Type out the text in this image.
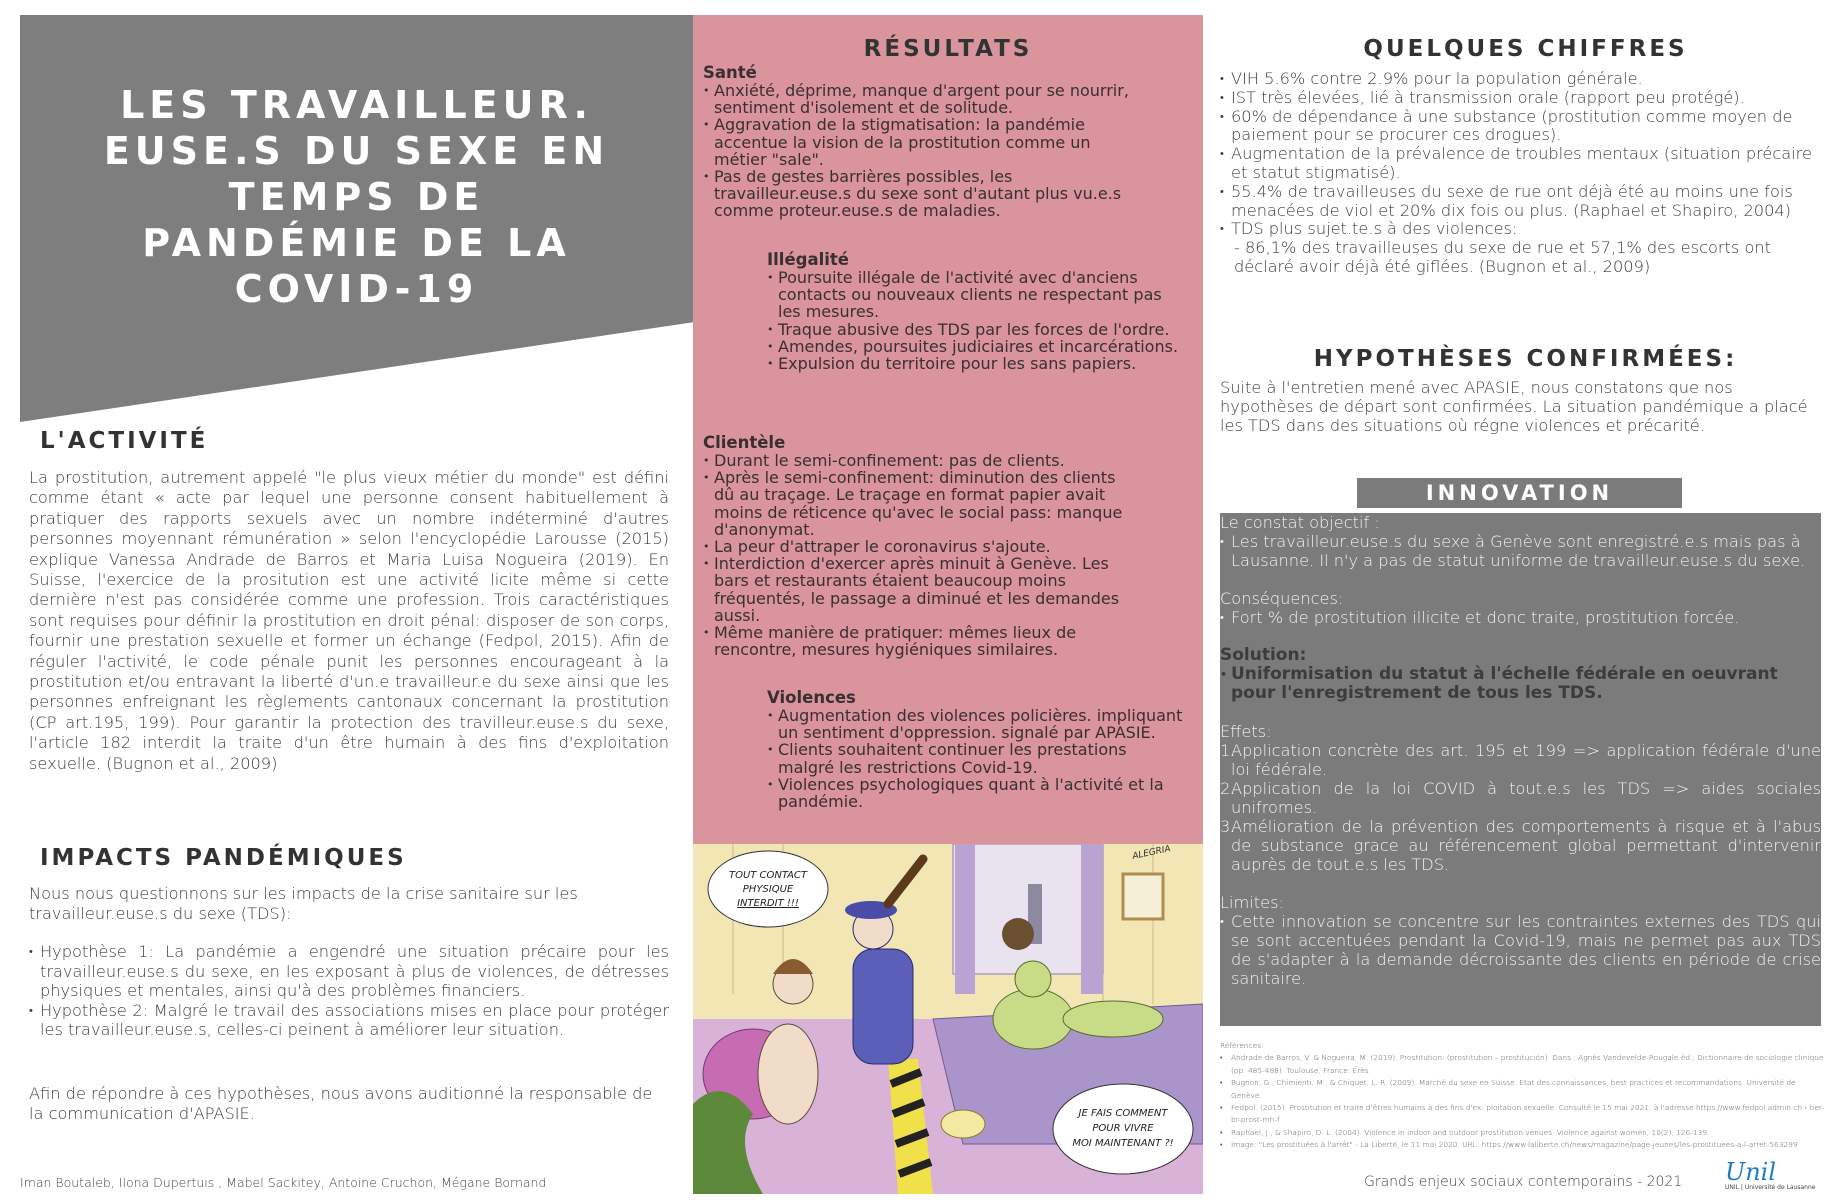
LES TRAVAILLEUR.
EUSE.S DU SEXE EN
TEMPS DE
PANDÉMIE DE LA
COVID-19
L'ACTIVITÉ
La prostitution, autrement appelé "le plus vieux métier du monde" est défini comme étant « acte par lequel une personne consent habituellement à pratiquer des rapports sexuels avec un nombre indéterminé d'autres personnes moyennant rémunération » selon l'encyclopédie Larousse (2015) explique Vanessa Andrade de Barros et Maria Luisa Nogueira (2019). En Suisse, l'exercice de la prositution est une activité licite même si cette dernière n'est pas considérée comme une profession. Trois caractéristiques sont requises pour définir la prostitution en droit pénal: disposer de son corps, fournir une prestation sexuelle et former un échange (Fedpol, 2015). Afin de réguler l'activité, le code pénale punit les personnes encourageant à la prostitution et/ou entravant la liberté d'un.e travailleur.e du sexe ainsi que les personnes enfreignant les règlements cantonaux concernant la prostitution (CP art.195, 199). Pour garantir la protection des travilleur.euse.s du sexe, l'article 182 interdit la traite d'un être humain à des fins d'exploitation sexuelle. (Bugnon et al., 2009)
IMPACTS PANDÉMIQUES
Nous nous questionnons sur les impacts de la crise sanitaire sur les travailleur.euse.s du sexe (TDS):
• Hypothèse 1: La pandémie a engendré une situation précaire pour les travailleur.euse.s du sexe, en les exposant à plus de violences, de détresses physiques et mentales, ainsi qu'à des problèmes financiers.
• Hypothèse 2: Malgré le travail des associations mises en place pour protéger les travailleur.euse.s, celles-ci peinent à améliorer leur situation.
Afin de répondre à ces hypothèses, nous avons auditionné la responsable de la communication d'APASIE.
Iman Boutaleb, Ilona Dupertuis , Mabel Sackitey, Antoine Cruchon, Mégane Bornand
RÉSULTATS
Santé
• Anxiété, déprime, manque d'argent pour se nourrir, sentiment d'isolement et de solitude.
• Aggravation de la stigmatisation: la pandémie accentue la vision de la prostitution comme un métier "sale".
• Pas de gestes barrières possibles, les travailleur.euse.s du sexe sont d'autant plus vu.e.s comme proteur.euse.s de maladies.
Illégalité
• Poursuite illégale de l'activité avec d'anciens contacts ou nouveaux clients ne respectant pas les mesures.
• Traque abusive des TDS par les forces de l'ordre.
• Amendes, poursuites judiciaires et incarcérations.
• Expulsion du territoire pour les sans papiers.
Clientèle
• Durant le semi-confinement: pas de clients.
• Après le semi-confinement: diminution des clients dû au traçage. Le traçage en format papier avait moins de réticence qu'avec le social pass: manque d'anonymat.
• La peur d'attraper le coronavirus s'ajoute.
• Interdiction d'exercer après minuit à Genève. Les bars et restaurants étaient beaucoup moins fréquentés, le passage a diminué et les demandes aussi.
• Même manière de pratiquer: mêmes lieux de rencontre, mesures hygiéniques similaires.
Violences
• Augmentation des violences policières. impliquant un sentiment d'oppression. signalé par APASIE.
• Clients souhaitent continuer les prestations malgré les restrictions Covid-19.
• Violences psychologiques quant à l'activité et la pandémie.
TOUT CONTACT
PHYSIQUE
INTERDIT !!!
JE FAIS COMMENT
POUR VIVRE
MOI MAINTENANT ?!
ALEGRIA
QUELQUES CHIFFRES
• VIH 5.6% contre 2.9% pour la population générale.
• IST très élevées, lié à transmission orale (rapport peu protégé).
• 60% de dépendance à une substance (prostitution comme moyen de paiement pour se procurer ces drogues).
• Augmentation de la prévalence de troubles mentaux (situation précaire et statut stigmatisé).
• 55.4% de travailleuses du sexe de rue ont déjà été au moins une fois menacées de viol et 20% dix fois ou plus. (Raphael et Shapiro, 2004)
• TDS plus sujet.te.s à des violences:
- 86,1% des travailleuses du sexe de rue et 57,1% des escorts ont déclaré avoir déjà été giflées. (Bugnon et al., 2009)
HYPOTHÈSES CONFIRMÉES:
Suite à l'entretien mené avec APASIE, nous constatons que nos hypothèses de départ sont confirmées. La situation pandémique a placé les TDS dans des situations où régne violences et précarité.
INNOVATION
Le constat objectif :
• Les travailleur.euse.s du sexe à Genève sont enregistré.e.s mais pas à Lausanne. Il n'y a pas de statut uniforme de travailleur.euse.s du sexe.
Conséquences:
• Fort % de prostitution illicite et donc traite, prostitution forcée.
Solution:
• Uniformisation du statut à l'échelle fédérale en oeuvrant pour l'enregistrement de tous les TDS.
Effets:
1.
Application concrète des art. 195 et 199 => application fédérale d'une loi fédérale.
2.
Application de la loi COVID à tout.e.s les TDS => aides sociales unifromes.
3.
Amélioration de la prévention des comportements à risque et à l'abus de substance grace au référencement global permettant d'intervenir auprès de tout.e.s les TDS.
Limites:
• Cette innovation se concentre sur les contraintes externes des TDS qui se sont accentuées pendant la Covid-19, mais ne permet pas aux TDS de s'adapter à la demande décroissante des clients en période de crise sanitaire.
Références:
• Andrade de Barros, V. & Nogueira, M. (2019). Prostitution: (prostitution – prostitución). Dans : Agnès Vandevelde-Rougale éd., Dictionnaire de sociologie clinique (pp. 485-488). Toulouse, France: Érès.
• Bugnon, G., Chimienti, M., & Chiquet, L. R. (2009). Marché du sexe en Suisse. Etat des connaissances, best practices et recommandations. Université de Genève.
• Fedpol. (2015). Prostitution et traite d'êtres humains à des fins d'ex- ploitation sexuelle. Consulté le 15 mai 2021, à l'adresse https://www.fedpol.admin.ch › ber-br-prost-mh-f
• Raphael, J., & Shapiro, D. L. (2004). Violence in indoor and outdoor prostitution venues. Violence against women, 10(2), 126-139.
• Image: "Les prostituées à l'arrêt" - La Liberté, le 11 mai 2020. URL: https://www.laliberte.ch/news/magazine/page-jeunes/les-prostituees-a-l-arret-563299
Grands enjeux sociaux contemporains - 2021 Unil
UNIL | Université de Lausanne
